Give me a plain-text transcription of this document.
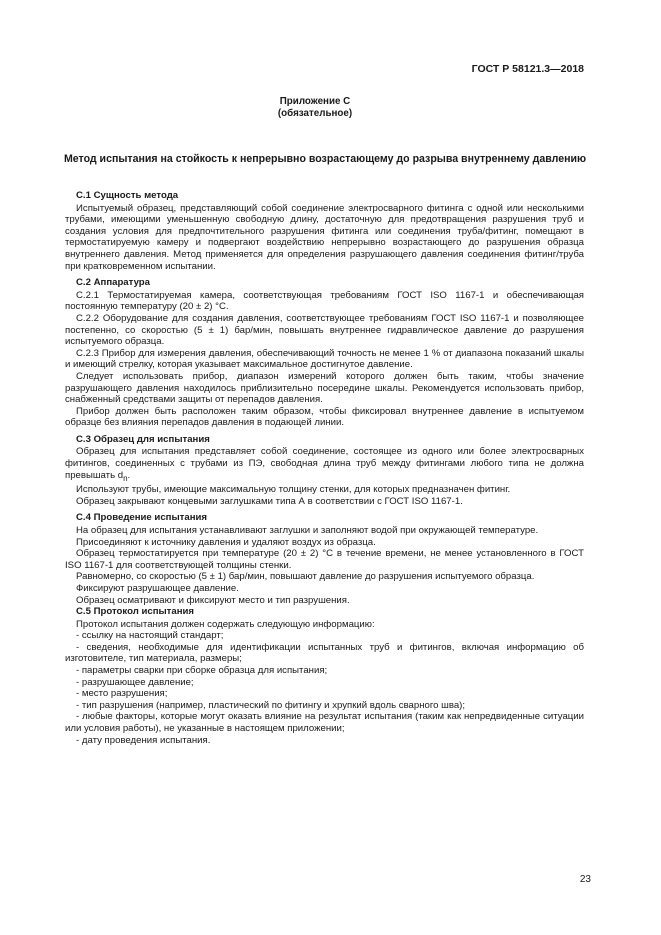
ГОСТ Р 58121.3—2018
Приложение С
(обязательное)
Метод испытания на стойкость к непрерывно возрастающему до разрыва внутреннему давлению
С.1 Сущность метода

Испытуемый образец, представляющий собой соединение электросварного фитинга с одной или несколькими трубами, имеющими уменьшенную свободную длину, достаточную для предотвращения разрушения труб и создания условия для предпочтительного разрушения фитинга или соединения труба/фитинг, помещают в термостатируемую камеру и подвергают воздействию непрерывно возрастающего до разрушения образца внутреннего давления. Метод применяется для определения разрушающего давления соединения фитинг/труба при кратковременном испытании.

С.2 Аппаратура

С.2.1 Термостатируемая камера, соответствующая требованиям ГОСТ ISO 1167-1 и обеспечивающая постоянную температуру (20 ± 2) °С.

С.2.2 Оборудование для создания давления, соответствующее требованиям ГОСТ ISO 1167-1 и позволяющее постепенно, со скоростью (5 ± 1) бар/мин, повышать внутреннее гидравлическое давление до разрушения испытуемого образца.

С.2.3 Прибор для измерения давления, обеспечивающий точность не менее 1 % от диапазона показаний шкалы и имеющий стрелку, которая указывает максимальное достигнутое давление.

Следует использовать прибор, диапазон измерений которого должен быть таким, чтобы значение разрушающего давления находилось приблизительно посередине шкалы. Рекомендуется использовать прибор, снабженный средствами защиты от перепадов давления.

Прибор должен быть расположен таким образом, чтобы фиксировал внутреннее давление в испытуемом образце без влияния перепадов давления в подающей линии.

С.3 Образец для испытания

Образец для испытания представляет собой соединение, состоящее из одного или более электросварных фитингов, соединенных с трубами из ПЭ, свободная длина труб между фитингами любого типа не должна превышать $d_n$.

Используют трубы, имеющие максимальную толщину стенки, для которых предназначен фитинг.

Образец закрывают концевыми заглушками типа А в соответствии с ГОСТ ISO 1167-1.

С.4 Проведение испытания

На образец для испытания устанавливают заглушки и заполняют водой при окружающей температуре.

Присоединяют к источнику давления и удаляют воздух из образца.

Образец термостатируется при температуре (20 ± 2) °С в течение времени, не менее установленного в ГОСТ ISO 1167-1 для соответствующей толщины стенки.

Равномерно, со скоростью (5 ± 1) бар/мин, повышают давление до разрушения испытуемого образца.

Фиксируют разрушающее давление.

Образец осматривают и фиксируют место и тип разрушения.

С.5 Протокол испытания

Протокол испытания должен содержать следующую информацию:

- ссылку на настоящий стандарт;

- сведения, необходимые для идентификации испытанных труб и фитингов, включая информацию об изготовителе, тип материала, размеры;

- параметры сварки при сборке образца для испытания;

- разрушающее давление;

- место разрушения;

- тип разрушения (например, пластический по фитингу и хрупкий вдоль сварного шва);

- любые факторы, которые могут оказать влияние на результат испытания (таким как непредвиденные ситуации или условия работы), не указанные в настоящем приложении;

- дату проведения испытания.

23
